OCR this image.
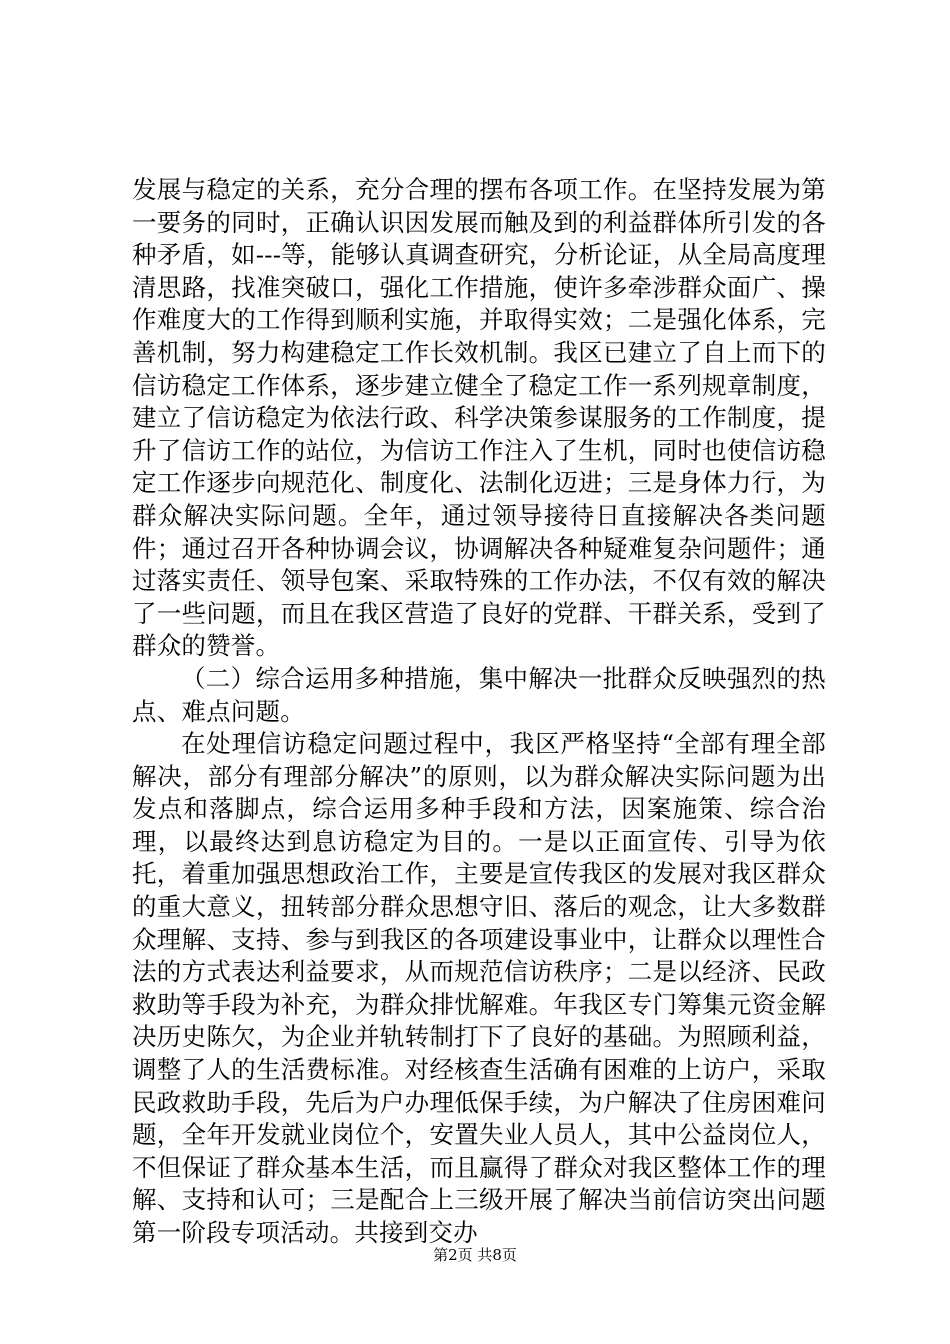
发展与稳定的关系，充分合理的摆布各项工作。在坚持发展为第一要务的同时，正确认识因发展而触及到的利益群体所引发的各种矛盾，如---等，能够认真调查研究，分析论证，从全局高度理清思路，找准突破口，强化工作措施，使许多牵涉群众面广、操作难度大的工作得到顺利实施，并取得实效；二是强化体系，完善机制，努力构建稳定工作长效机制。我区已建立了自上而下的信访稳定工作体系，逐步建立健全了稳定工作一系列规章制度，建立了信访稳定为依法行政、科学决策参谋服务的工作制度，提升了信访工作的站位，为信访工作注入了生机，同时也使信访稳定工作逐步向规范化、制度化、法制化迈进；三是身体力行，为群众解决实际问题。全年，通过领导接待日直接解决各类问题件；通过召开各种协调会议，协调解决各种疑难复杂问题件；通过落实责任、领导包案、采取特殊的工作办法，不仅有效的解决了一些问题，而且在我区营造了良好的党群、干群关系，受到了群众的赞誉。

（二）综合运用多种措施，集中解决一批群众反映强烈的热点、难点问题。

在处理信访稳定问题过程中，我区严格坚持“全部有理全部解决，部分有理部分解决”的原则，以为群众解决实际问题为出发点和落脚点，综合运用多种手段和方法，因案施策、综合治理，以最终达到息访稳定为目的。一是以正面宣传、引导为依托，着重加强思想政治工作，主要是宣传我区的发展对我区群众的重大意义，扭转部分群众思想守旧、落后的观念，让大多数群众理解、支持、参与到我区的各项建设事业中，让群众以理性合法的方式表达利益要求，从而规范信访秩序；二是以经济、民政救助等手段为补充，为群众排忧解难。年我区专门筹集元资金解决历史陈欠，为企业并轨转制打下了良好的基础。为照顾利益，调整了人的生活费标准。对经核查生活确有困难的上访户，采取民政救助手段，先后为户办理低保手续，为户解决了住房困难问题，全年开发就业岗位个，安置失业人员人，其中公益岗位人，不但保证了群众基本生活，而且赢得了群众对我区整体工作的理解、支持和认可；三是配合上三级开展了解决当前信访突出问题第一阶段专项活动。共接到交办

第2页 共8页
